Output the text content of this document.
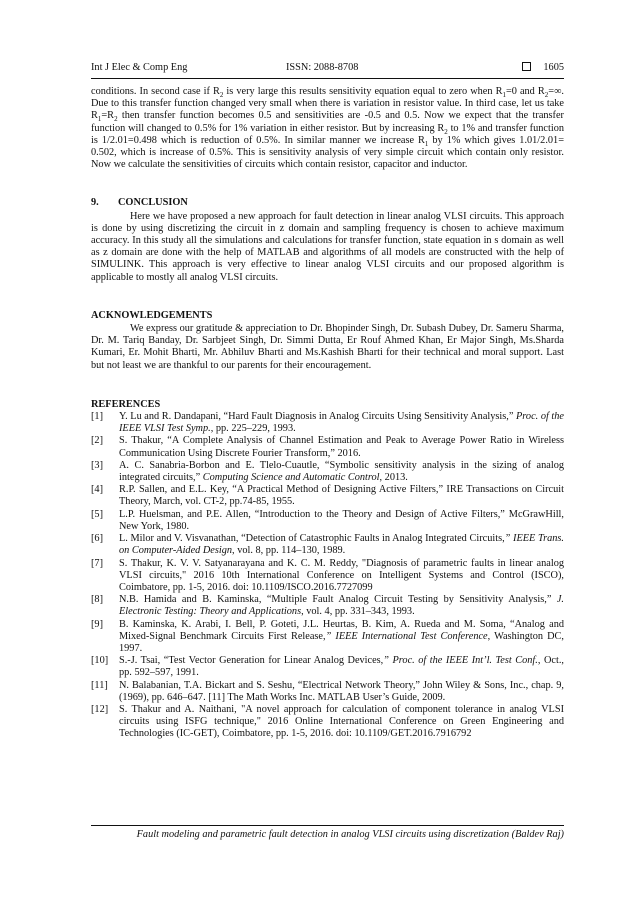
Int J Elec & Comp Eng	ISSN: 2088-8708	1605

conditions. In second case if $R_2$ is very large this results sensitivity equation equal to zero when $R_1=0$ and $R_2=\infty$. Due to this transfer function changed very small when there is variation in resistor value. In third case, let us take $R_1=R_2$ then transfer function becomes 0.5 and sensitivities are -0.5 and 0.5. Now we expect that the transfer function will changed to 0.5% for 1% variation in either resistor. But by increasing $R_2$ to 1% and transfer function is 1/2.01=0.498 which is reduction of 0.5%. In similar manner we increase $R_1$ by 1% which gives 1.01/2.01= 0.502, which is increase of 0.5%. This is sensitivity analysis of very simple circuit which contain only resistor. Now we calculate the sensitivities of circuits which contain resistor, capacitor and inductor.

9. CONCLUSION

Here we have proposed a new approach for fault detection in linear analog VLSI circuits. This approach is done by using discretizing the circuit in z domain and sampling frequency is chosen to achieve maximum accuracy. In this study all the simulations and calculations for transfer function, state equation in s domain as well as z domain are done with the help of MATLAB and algorithms of all models are constructed with the help of SIMULINK. This approach is very effective to linear analog VLSI circuits and our proposed algorithm is applicable to mostly all analog VLSI circuits.

ACKNOWLEDGEMENTS

We express our gratitude & appreciation to Dr. Bhopinder Singh, Dr. Subash Dubey, Dr. Sameru Sharma, Dr. M. Tariq Banday, Dr. Sarbjeet Singh, Dr. Simmi Dutta, Er Rouf Ahmed Khan, Er Major Singh, Ms.Sharda Kumari, Er. Mohit Bharti, Mr. Abhiluv Bharti and Ms.Kashish Bharti for their technical and moral support. Last but not least we are thankful to our parents for their encouragement.

REFERENCES
[1] Y. Lu and R. Dandapani, “Hard Fault Diagnosis in Analog Circuits Using Sensitivity Analysis,” Proc. of the IEEE VLSI Test Symp., pp. 225–229, 1993.
[2] S. Thakur, “A Complete Analysis of Channel Estimation and Peak to Average Power Ratio in Wireless Communication Using Discrete Fourier Transform,” 2016.
[3] A. C. Sanabria-Borbon and E. Tlelo-Cuautle, “Symbolic sensitivity analysis in the sizing of analog integrated circuits,” Computing Science and Automatic Control, 2013.
[4] R.P. Sallen, and E.L. Key, “A Practical Method of Designing Active Filters,” IRE Transactions on Circuit Theory, March, vol. CT-2, pp.74-85, 1955.
[5] L.P. Huelsman, and P.E. Allen, “Introduction to the Theory and Design of Active Filters,” McGrawHill, New York, 1980.
[6] L. Milor and V. Visvanathan, “Detection of Catastrophic Faults in Analog Integrated Circuits,” IEEE Trans. on Computer-Aided Design, vol. 8, pp. 114–130, 1989.
[7] S. Thakur, K. V. V. Satyanarayana and K. C. M. Reddy, "Diagnosis of parametric faults in linear analog VLSI circuits," 2016 10th International Conference on Intelligent Systems and Control (ISCO), Coimbatore, pp. 1-5, 2016. doi: 10.1109/ISCO.2016.7727099
[8] N.B. Hamida and B. Kaminska, “Multiple Fault Analog Circuit Testing by Sensitivity Analysis,” J. Electronic Testing: Theory and Applications, vol. 4, pp. 331–343, 1993.
[9] B. Kaminska, K. Arabi, I. Bell, P. Goteti, J.L. Heurtas, B. Kim, A. Rueda and M. Soma, “Analog and Mixed-Signal Benchmark Circuits First Release,” IEEE International Test Conference, Washington DC, 1997.
[10] S.-J. Tsai, “Test Vector Generation for Linear Analog Devices,” Proc. of the IEEE Int’l. Test Conf., Oct., pp. 592–597, 1991.
[11] N. Balabanian, T.A. Bickart and S. Seshu, “Electrical Network Theory,” John Wiley & Sons, Inc., chap. 9, (1969), pp. 646–647. [11] The Math Works Inc. MATLAB User’s Guide, 2009.
[12] S. Thakur and A. Naithani, "A novel approach for calculation of component tolerance in analog VLSI circuits using ISFG technique," 2016 Online International Conference on Green Engineering and Technologies (IC-GET), Coimbatore, pp. 1-5, 2016. doi: 10.1109/GET.2016.7916792
Fault modeling and parametric fault detection in analog VLSI circuits using discretization (Baldev Raj)
